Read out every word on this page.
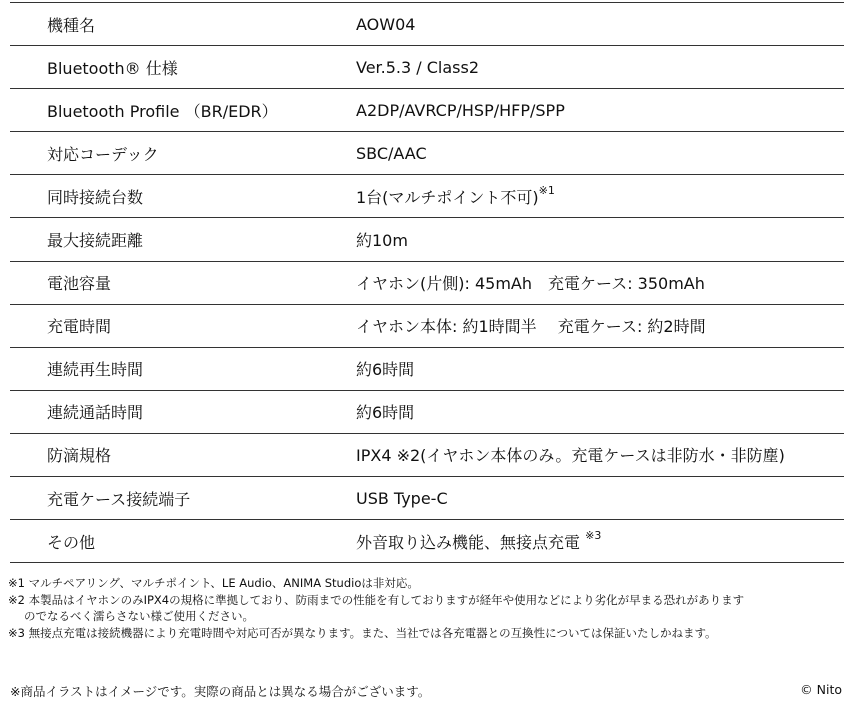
機種名	AOW04
Bluetooth® 仕様	Ver.5.3 / Class2
Bluetooth Profile （BR/EDR）	A2DP/AVRCP/HSP/HFP/SPP
対応コーデック	SBC/AAC
同時接続台数	1台(マルチポイント不可)$^{※1}$
最大接続距離	約10m
電池容量	イヤホン(片側): 45mAh　充電ケース: 350mAh
充電時間	イヤホン本体: 約1時間半　 充電ケース: 約2時間
連続再生時間	約6時間
連続通話時間	約6時間
防滴規格	IPX4 ※2(イヤホン本体のみ。充電ケースは非防水・非防塵)
充電ケース接続端子	USB Type-C
その他	外音取り込み機能、無接点充電
$^{※3}$
※1 マルチペアリング、マルチポイント、LE Audio、ANIMA Studioは非対応。
※2 本製品はイヤホンのみIPX4の規格に準拠しており、防雨までの性能を有しておりますが経年や使用などにより劣化が早まる恐れがあります
のでなるべく濡らさない様ご使用ください。
※3 無接点充電は接続機器により充電時間や対応可否が異なります。また、当社では各充電器との互換性については保証いたしかねます。
※商品イラストはイメージです。実際の商品とは異なる場合がございます。	© Nito
